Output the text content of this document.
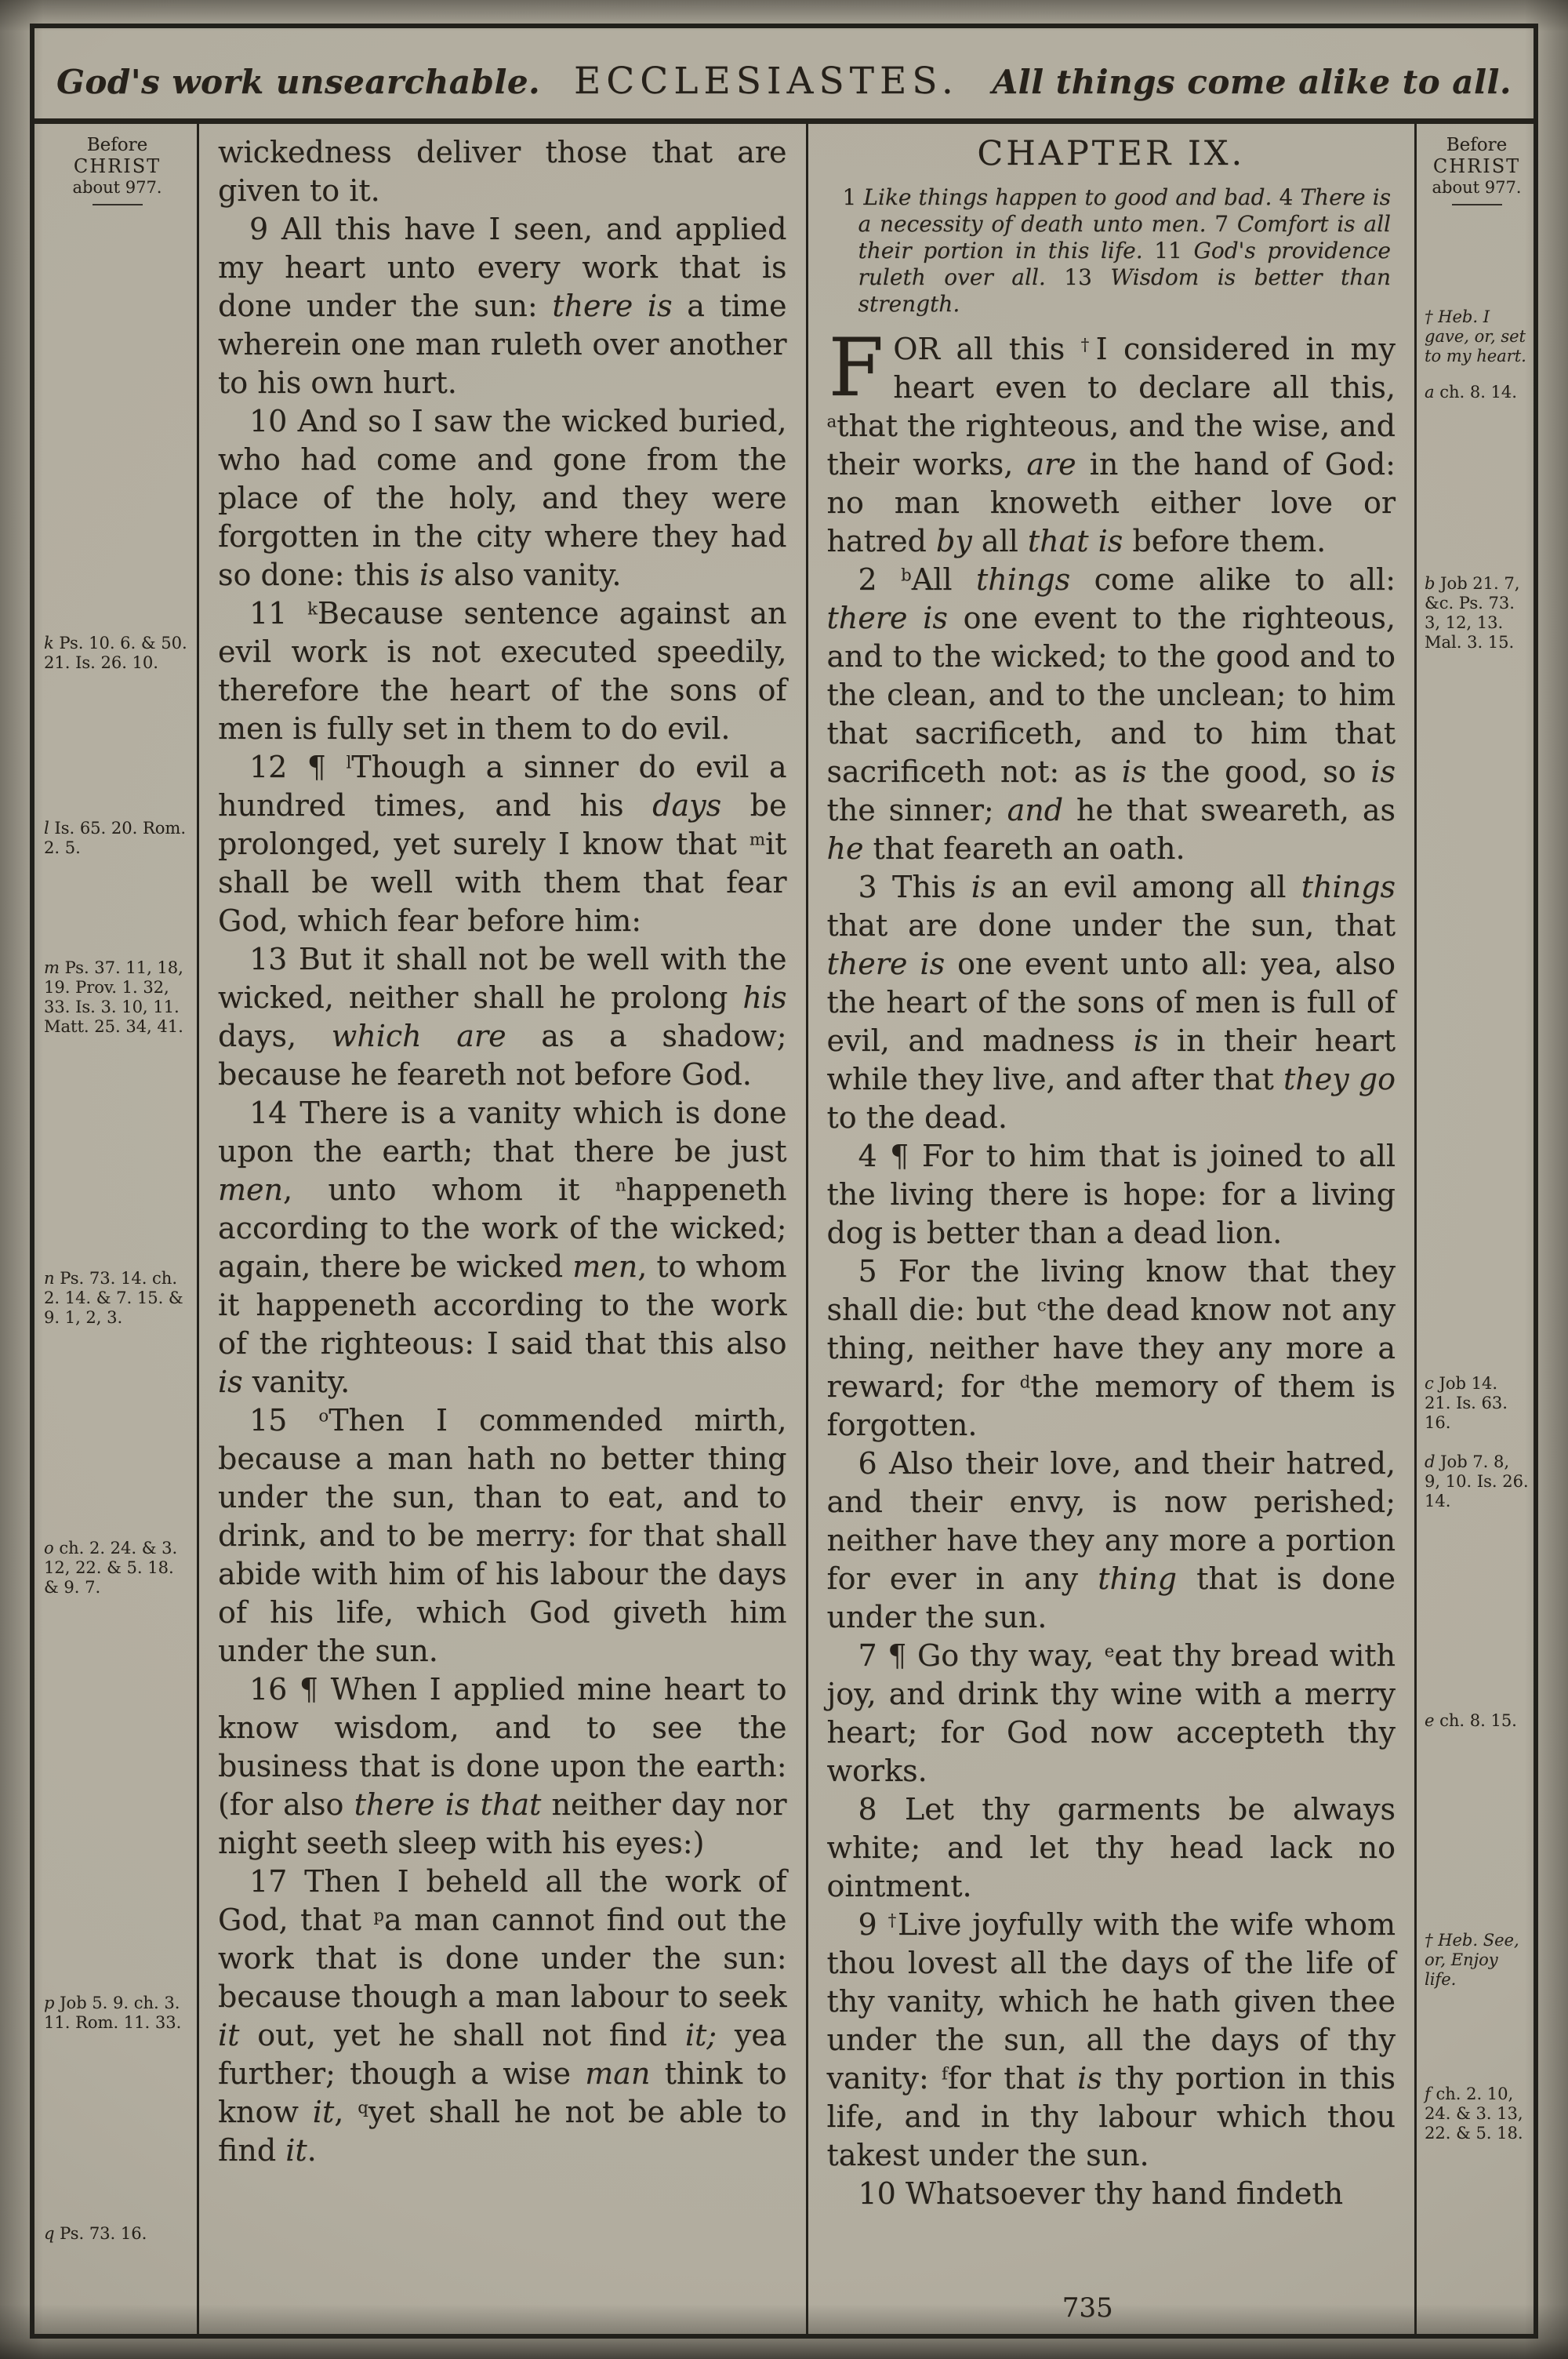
God's work unsearchable. ECCLESIASTES. All things come alike to all.
Before
CHRIST
about 977.
k Ps. 10. 6. & 50. 21. Is. 26. 10.
l Is. 65. 20. Rom. 2. 5.
m Ps. 37. 11, 18, 19. Prov. 1. 32, 33. Is. 3. 10, 11. Matt. 25. 34, 41.
n Ps. 73. 14. ch. 2. 14. & 7. 15. & 9. 1, 2, 3.
o ch. 2. 24. & 3. 12, 22. & 5. 18. & 9. 7.
p Job 5. 9. ch. 3. 11. Rom. 11. 33.
q Ps. 73. 16.

wickedness deliver those that are given to it.

9 All this have I seen, and applied my heart unto every work that is done under the sun: there is a time wherein one man ruleth over another to his own hurt.

10 And so I saw the wicked buried, who had come and gone from the place of the holy, and they were forgotten in the city where they had so done: this is also vanity.

11 $^k$Because sentence against an evil work is not executed speedily, therefore the heart of the sons of men is fully set in them to do evil.

12 ¶ $^l$Though a sinner do evil a hundred times, and his days be prolonged, yet surely I know that $^m$it shall be well with them that fear God, which fear before him:

13 But it shall not be well with the wicked, neither shall he prolong his days, which are as a shadow; because he feareth not before God.

14 There is a vanity which is done upon the earth; that there be just men, unto whom it $^n$happeneth according to the work of the wicked; again, there be wicked men, to whom it happeneth according to the work of the righteous: I said that this also is vanity.

15 $^o$Then I commended mirth, because a man hath no better thing under the sun, than to eat, and to drink, and to be merry: for that shall abide with him of his labour the days of his life, which God giveth him under the sun.

16 ¶ When I applied mine heart to know wisdom, and to see the business that is done upon the earth: (for also there is that neither day nor night seeth sleep with his eyes:)

17 Then I beheld all the work of God, that $^p$a man cannot find out the work that is done under the sun: because though a man labour to seek it out, yet he shall not find it; yea further; though a wise man think to know it, $^q$yet shall he not be able to find it.

CHAPTER IX.
1 Like things happen to good and bad. 4 There is a necessity of death unto men. 7 Comfort is all their portion in this life. 11 God's providence ruleth over all. 13 Wisdom is better than strength.

FOR all this †I considered in my heart even to declare all this, $^a$that the righteous, and the wise, and their works, are in the hand of God: no man knoweth either love or hatred by all that is before them.

2 $^b$All things come alike to all: there is one event to the righteous, and to the wicked; to the good and to the clean, and to the unclean; to him that sacrificeth, and to him that sacrificeth not: as is the good, so is the sinner; and he that sweareth, as he that feareth an oath.

3 This is an evil among all things that are done under the sun, that there is one event unto all: yea, also the heart of the sons of men is full of evil, and madness is in their heart while they live, and after that they go to the dead.

4 ¶ For to him that is joined to all the living there is hope: for a living dog is better than a dead lion.

5 For the living know that they shall die: but $^c$the dead know not any thing, neither have they any more a reward; for $^d$the memory of them is forgotten.

6 Also their love, and their hatred, and their envy, is now perished; neither have they any more a portion for ever in any thing that is done under the sun.

7 ¶ Go thy way, $^e$eat thy bread with joy, and drink thy wine with a merry heart; for God now accepteth thy works.

8 Let thy garments be always white; and let thy head lack no ointment.

9 †Live joyfully with the wife whom thou lovest all the days of the life of thy vanity, which he hath given thee under the sun, all the days of thy vanity: $^f$for that is thy portion in this life, and in thy labour which thou takest under the sun.

10 Whatsoever thy hand findeth

735
Before
CHRIST
about 977.
† Heb. I gave, or, set to my heart.
a ch. 8. 14.
b Job 21. 7, &c. Ps. 73. 3, 12, 13. Mal. 3. 15.
c Job 14. 21. Is. 63. 16.
d Job 7. 8, 9, 10. Is. 26. 14.
e ch. 8. 15.
† Heb. See, or, Enjoy life.
f ch. 2. 10, 24. & 3. 13, 22. & 5. 18.
